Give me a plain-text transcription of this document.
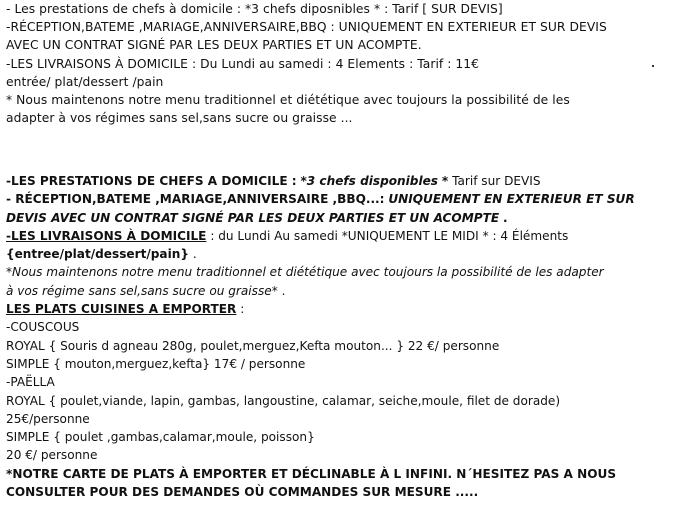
- Les prestations de chefs à domicile : *3 chefs diposnibles * : Tarif [ SUR DEVIS]
-RÉCEPTION,BATEME ,MARIAGE,ANNIVERSAIRE,BBQ : UNIQUEMENT EN EXTERIEUR ET SUR DEVIS
AVEC UN CONTRAT SIGNÉ PAR LES DEUX PARTIES ET UN ACOMPTE.
-LES LIVRAISONS À DOMICILE : Du Lundi au samedi : 4 Elements : Tarif : 11€
entrée/ plat/dessert /pain
* Nous maintenons notre menu traditionnel et diététique avec toujours la possibilité de les
adapter à vos régimes sans sel,sans sucre ou graisse ...
-LES PRESTATIONS DE CHEFS A DOMICILE : *3 chefs disponibles * Tarif sur DEVIS
- RÉCEPTION,BATEME ,MARIAGE,ANNIVERSAIRE ,BBQ...: UNIQUEMENT EN EXTERIEUR ET SUR
DEVIS AVEC UN CONTRAT SIGNÉ PAR LES DEUX PARTIES ET UN ACOMPTE .
-LES LIVRAISONS À DOMICILE : du Lundi Au samedi *UNIQUEMENT LE MIDI * : 4 Éléments
{entree/plat/dessert/pain} .
*Nous maintenons notre menu traditionnel et diététique avec toujours la possibilité de les adapter
à vos régime sans sel,sans sucre ou graisse* .
LES PLATS CUISINES A EMPORTER :
-COUSCOUS
ROYAL { Souris d agneau 280g, poulet,merguez,Kefta mouton... } 22 €/ personne
SIMPLE { mouton,merguez,kefta} 17€ / personne
-PAËLLA
ROYAL { poulet,viande, lapin, gambas, langoustine, calamar, seiche,moule, filet de dorade)
25€/personne
SIMPLE { poulet ,gambas,calamar,moule, poisson}
20 €/ personne
*NOTRE CARTE DE PLATS À EMPORTER ET DÉCLINABLE À L INFINI. N´HESITEZ PAS A NOUS
CONSULTER POUR DES DEMANDES OÙ COMMANDES SUR MESURE .....
